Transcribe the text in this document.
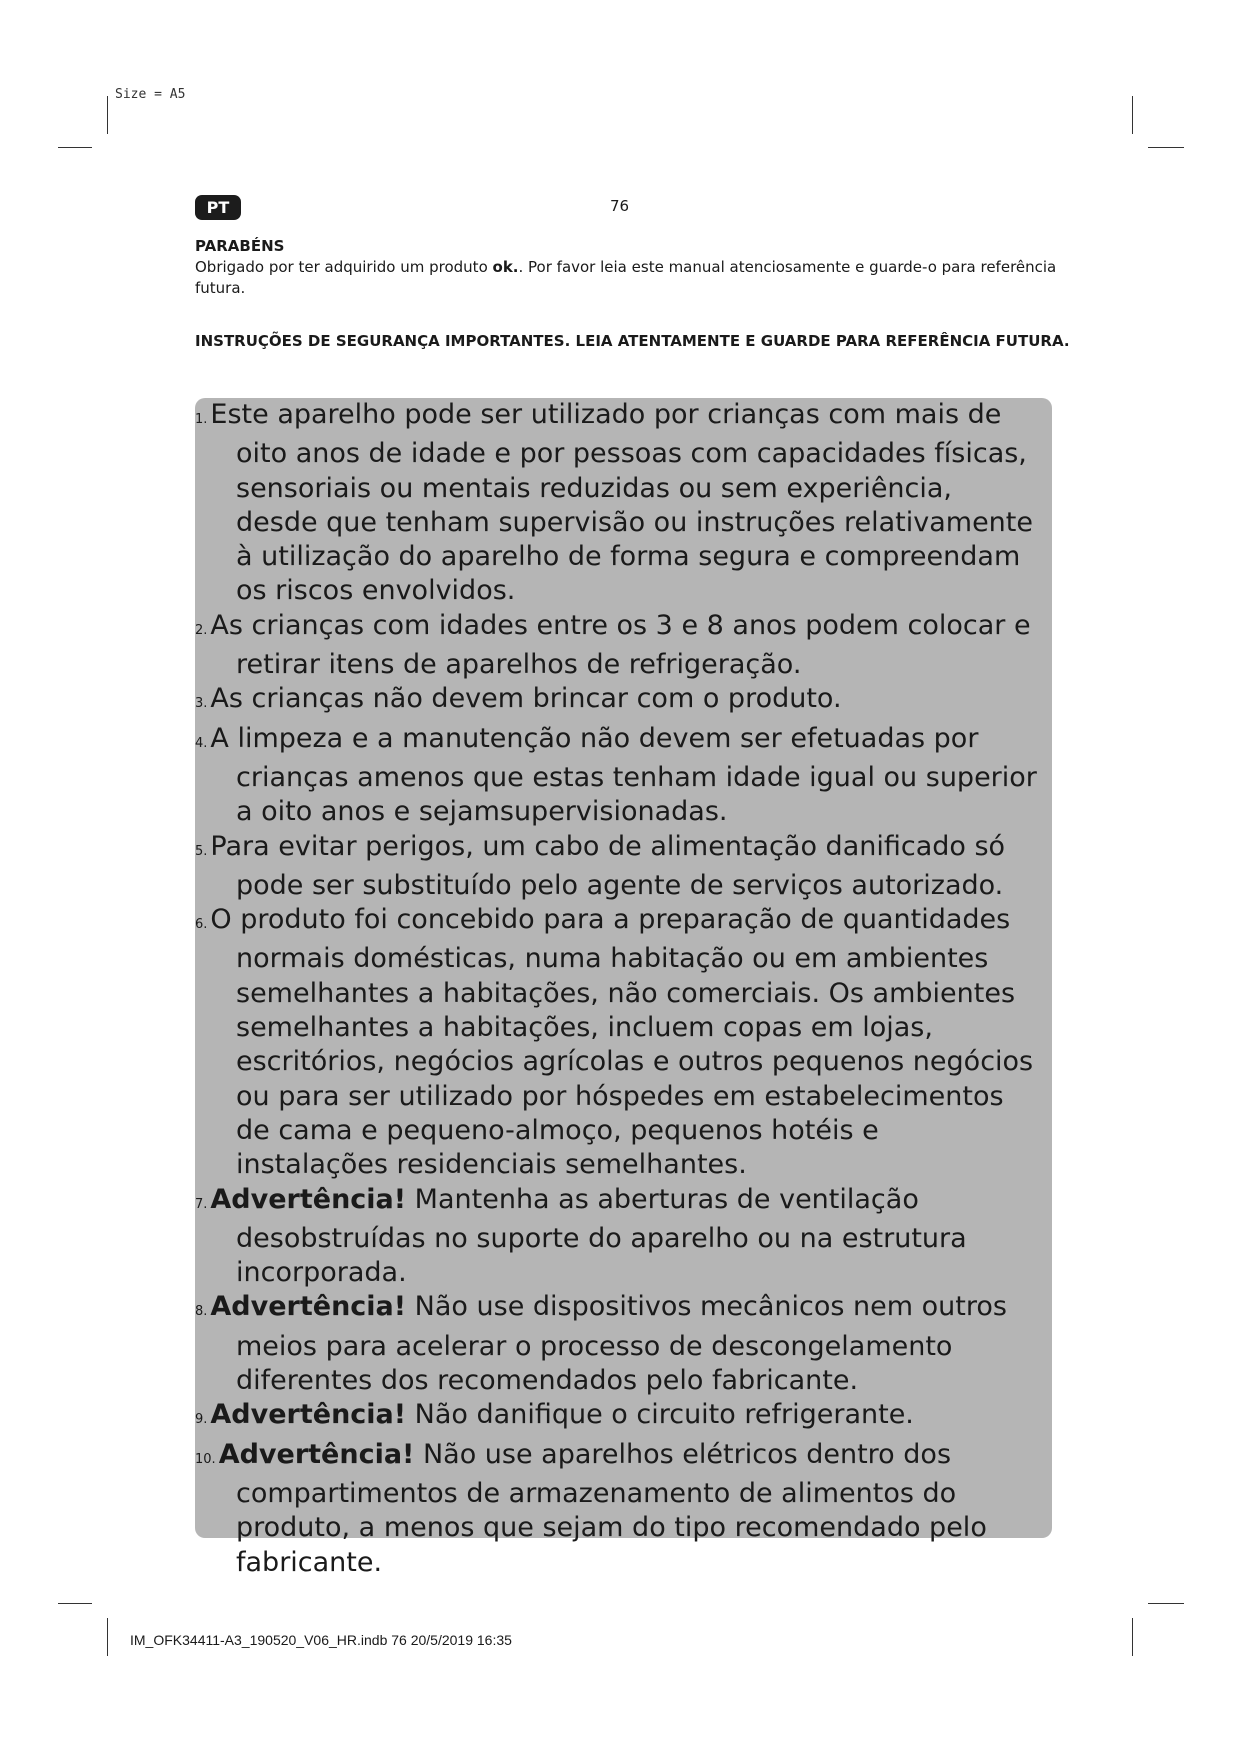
Size = A5
PT	76
PARABÉNS

Obrigado por ter adquirido um produto ok.. Por favor leia este manual atenciosamente e guarde-o para referência futura.

INSTRUÇÕES DE SEGURANÇA IMPORTANTES. LEIA ATENTAMENTE E GUARDE PARA REFERÊNCIA FUTURA.
1. Este aparelho pode ser utilizado por crianças com mais de oito anos de idade e por pessoas com capacidades físicas, sensoriais ou mentais reduzidas ou sem experiência, desde que tenham supervisão ou instruções relativamente à utilização do aparelho de forma segura e compreendam os riscos envolvidos.
2. As crianças com idades entre os 3 e 8 anos podem colocar e retirar itens de aparelhos de refrigeração.
3. As crianças não devem brincar com o produto.
4. A limpeza e a manutenção não devem ser efetuadas por crianças amenos que estas tenham idade igual ou superior a oito anos e sejamsupervisionadas.
5. Para evitar perigos, um cabo de alimentação danificado só pode ser substituído pelo agente de serviços autorizado.
6. O produto foi concebido para a preparação de quantidades normais domésticas, numa habitação ou em ambientes semelhantes a habitações, não comerciais. Os ambientes semelhantes a habitações, incluem copas em lojas, escritórios, negócios agrícolas e outros pequenos negócios ou para ser utilizado por hóspedes em estabelecimentos de cama e pequeno-almoço, pequenos hotéis e instalações residenciais semelhantes.
7. Advertência! Mantenha as aberturas de ventilação desobstruídas no suporte do aparelho ou na estrutura incorporada.
8. Advertência! Não use dispositivos mecânicos nem outros meios para acelerar o processo de descongelamento diferentes dos recomendados pelo fabricante.
9. Advertência! Não danifique o circuito refrigerante.
10. Advertência! Não use aparelhos elétricos dentro dos compartimentos de armazenamento de alimentos do produto, a menos que sejam do tipo recomendado pelo fabricante.
IM_OFK34411-A3_190520_V06_HR.indb 76 20/5/2019 16:35
